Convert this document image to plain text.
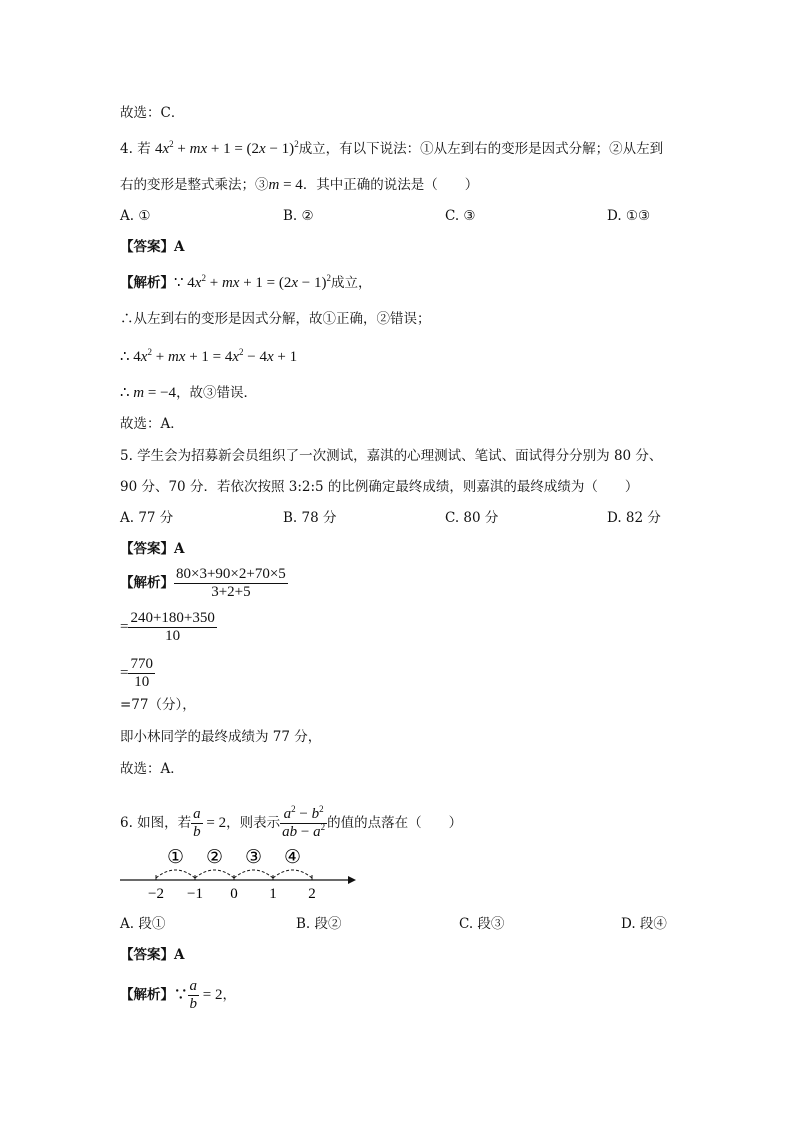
故选：C．
4. 若 $4x^2$ + mx + $1 = (2x - 1)^2$成立，有以下说法：①从左到右的变形是因式分解；②从左到
右的变形是整式乘法；③m = 4．其中正确的说法是（　　）
A. ①	B. ②	C. ③	D. ①③
【答案】A
【解析】∵ $4x^2$ + mx + $1 = (2x - 1)^2$成立，
∴从左到右的变形是因式分解，故①正确，②错误；
∴ $4x^2$ + mx + $1 = 4x^2 - 4x + 1$
∴ m = −4，故③错误．
故选：A．
5. 学生会为招募新会员组织了一次测试，嘉淇的心理测试、笔试、面试得分分别为 80 分、
90 分、70 分．若依次按照 3:2:5 的比例确定最终成绩，则嘉淇的最终成绩为（　　）
A. 77 分	B. 78 分	C. 80 分	D. 82 分
【答案】A
【解析】 $\frac{80\times 3+90\times 2+70\times 5}{3+2+5}$
= $\frac{240+180+350}{10}$
= $\frac{770}{10}$
=77（分），
即小林同学的最终成绩为 77 分，
故选：A．
6. 如图，若 $\frac{a}{b} = 2$，则表示 $\frac{a^2 - b^2}{ab - a^2}$ 的值的点落在（　　）
−2 −1 0 1 2
① ② ③ ④
A. 段①	B. 段②	C. 段③	D. 段④
【答案】A
【解析】∵ $\frac{a}{b} = 2$，
